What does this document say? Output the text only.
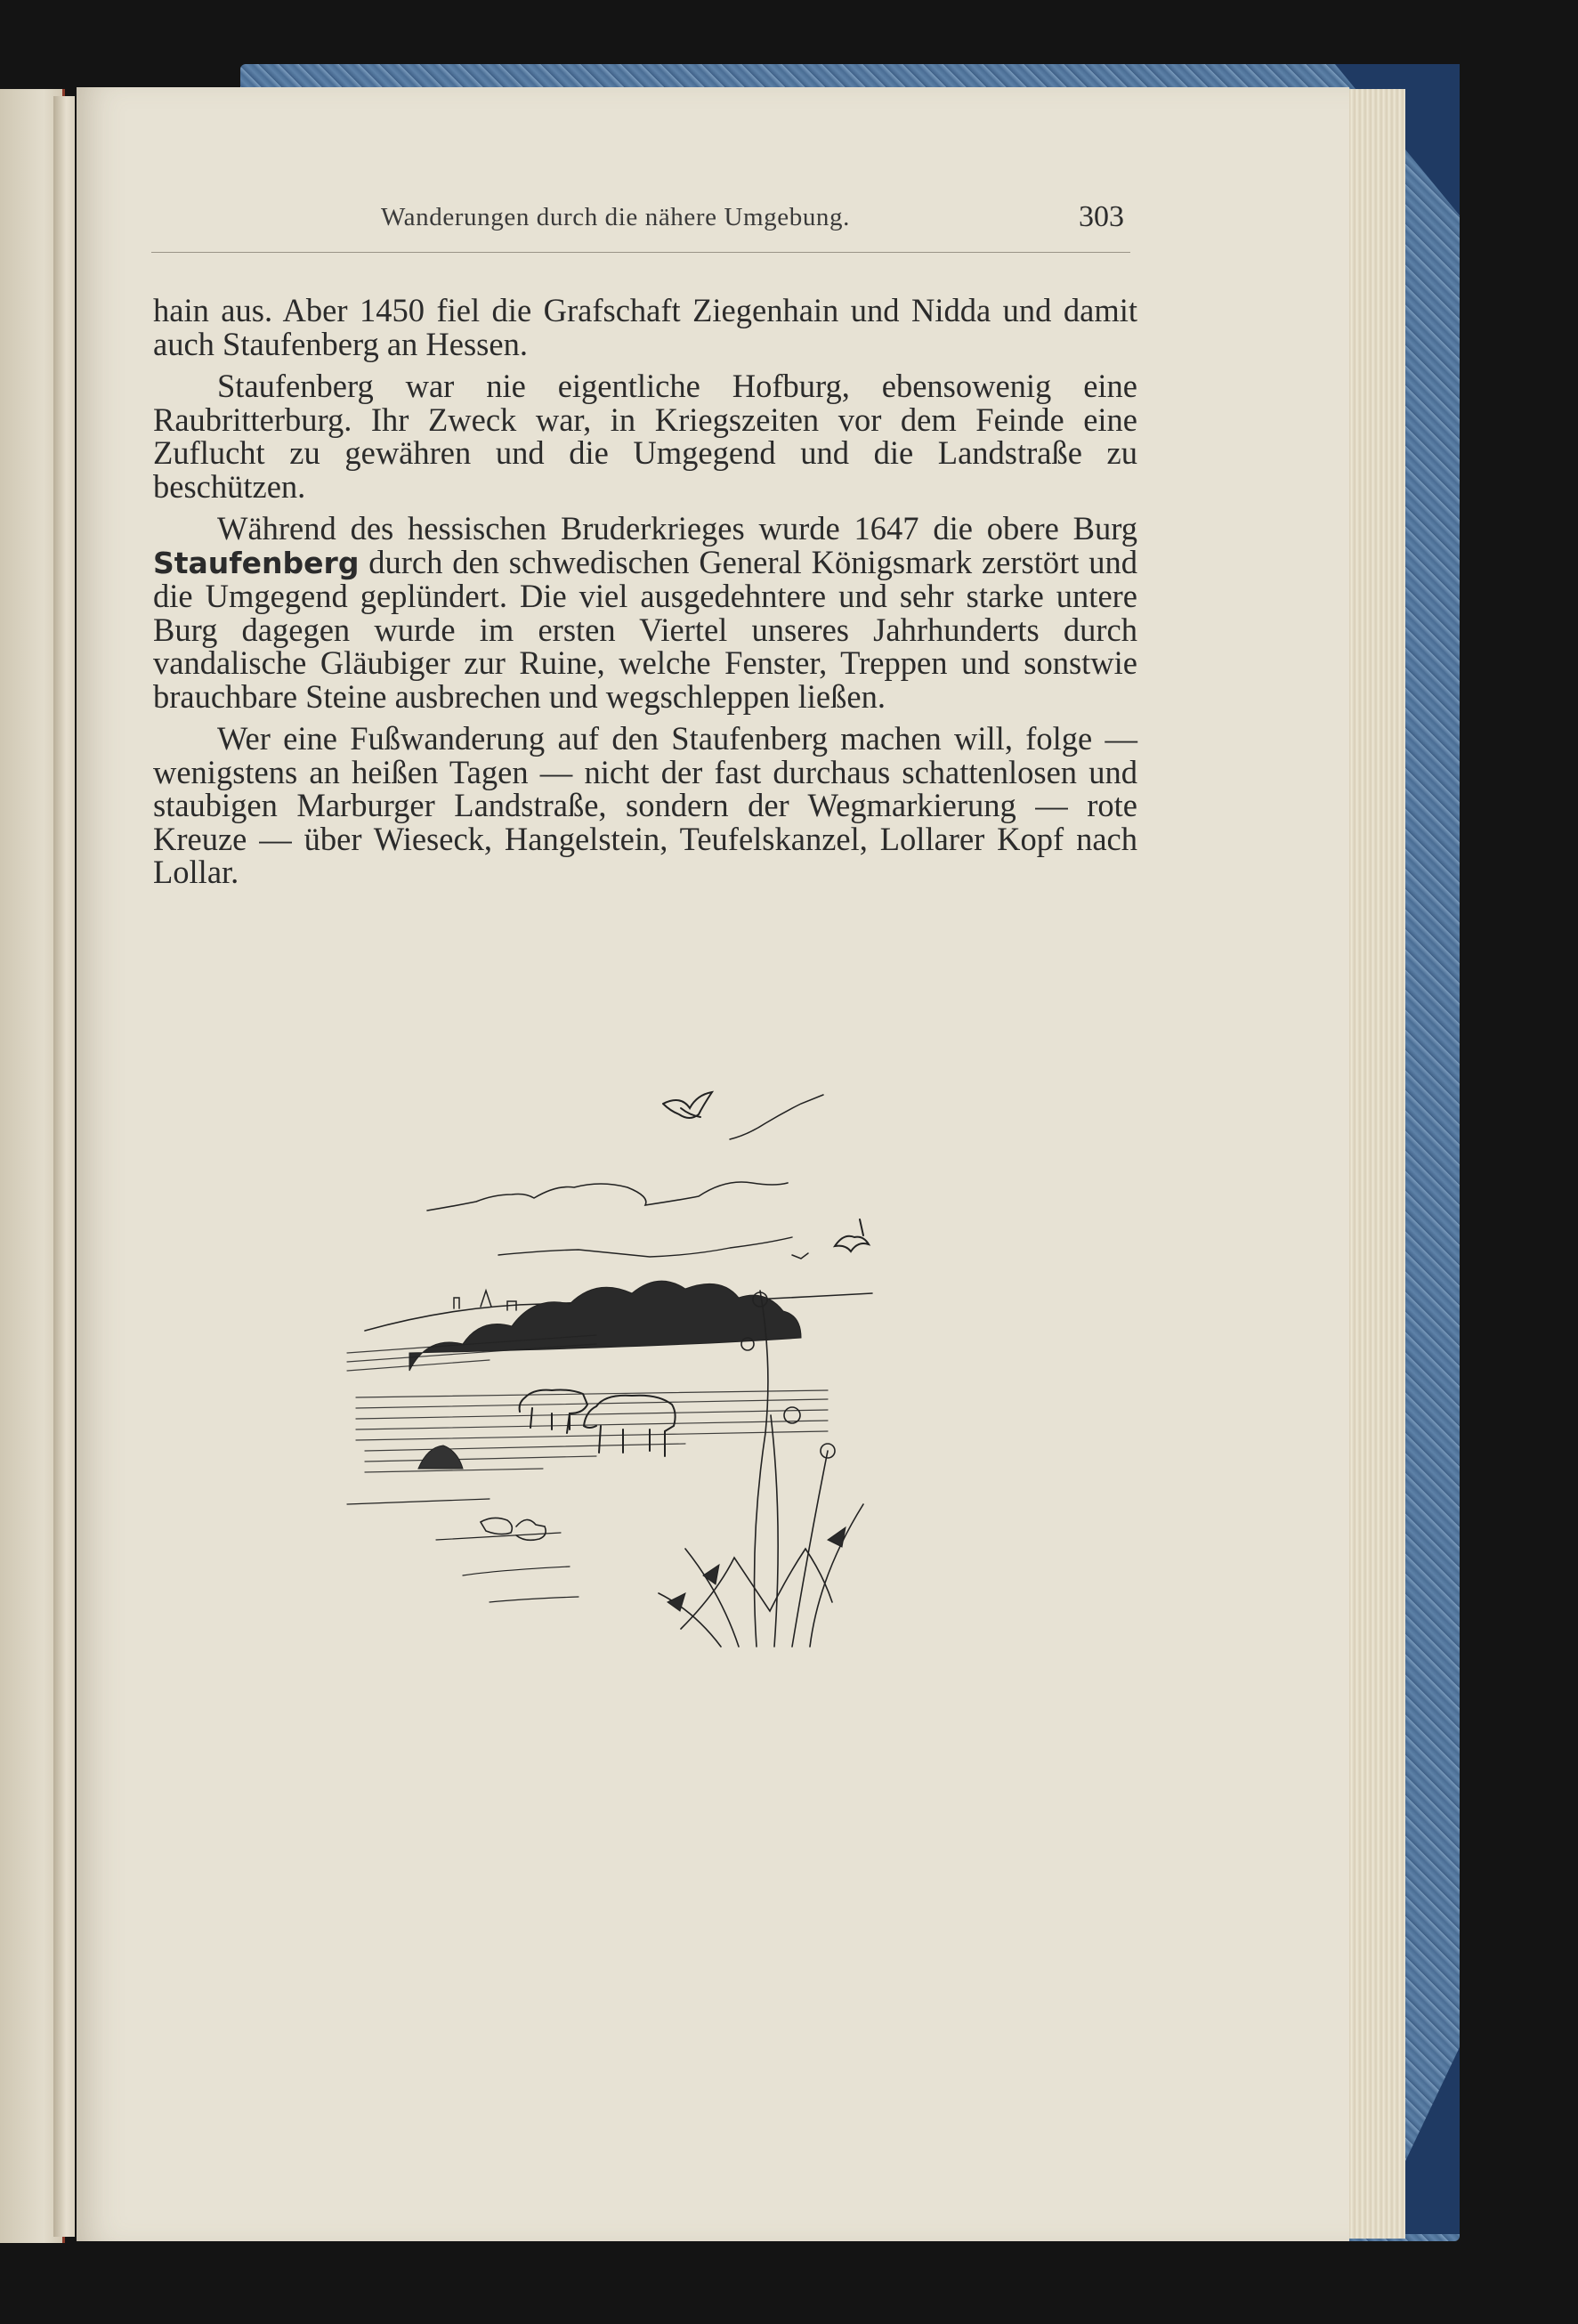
Wanderungen durch die nähere Umgebung.	303

hain aus. Aber 1450 fiel die Grafschaft Ziegenhain und Nidda und damit auch Staufenberg an Hessen.

Staufenberg war nie eigentliche Hofburg, ebensowenig eine Raubritterburg. Ihr Zweck war, in Kriegszeiten vor dem Feinde eine Zuflucht zu gewähren und die Umgegend und die Landstraße zu beschützen.

Während des hessischen Bruderkrieges wurde 1647 die obere Burg Staufenberg durch den schwedischen General Königsmark zerstört und die Umgegend geplündert. Die viel ausgedehntere und sehr starke untere Burg dagegen wurde im ersten Viertel unseres Jahrhunderts durch vandalische Gläubiger zur Ruine, welche Fenster, Treppen und sonstwie brauchbare Steine ausbrechen und wegschleppen ließen.

Wer eine Fußwanderung auf den Staufenberg machen will, folge — wenigstens an heißen Tagen — nicht der fast durchaus schattenlosen und staubigen Marburger Landstraße, sondern der Wegmarkierung — rote Kreuze — über Wieseck, Hangelstein, Teufelskanzel, Lollarer Kopf nach Lollar.
